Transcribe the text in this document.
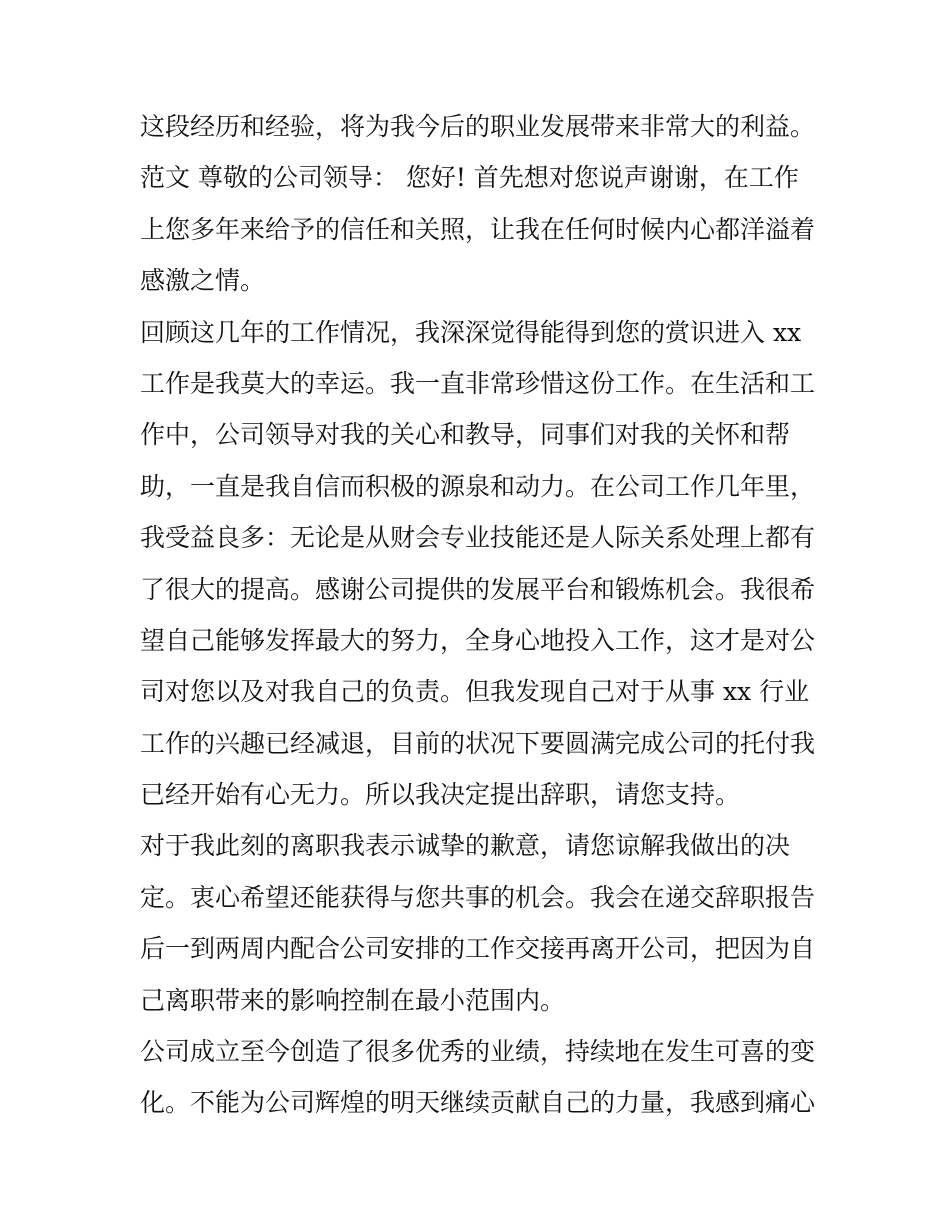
这段经历和经验，将为我今后的职业发展带来非常大的利益。
范文 尊敬的公司领导： 您好! 首先想对您说声谢谢，在工作
上您多年来给予的信任和关照，让我在任何时候内心都洋溢着
感激之情。
回顾这几年的工作情况，我深深觉得能得到您的赏识进入 xx
工作是我莫大的幸运。我一直非常珍惜这份工作。在生活和工
作中，公司领导对我的关心和教导，同事们对我的关怀和帮
助，一直是我自信而积极的源泉和动力。在公司工作几年里，
我受益良多：无论是从财会专业技能还是人际关系处理上都有
了很大的提高。感谢公司提供的发展平台和锻炼机会。我很希
望自己能够发挥最大的努力，全身心地投入工作，这才是对公
司对您以及对我自己的负责。但我发现自己对于从事 xx 行业
工作的兴趣已经减退，目前的状况下要圆满完成公司的托付我
已经开始有心无力。所以我决定提出辞职，请您支持。
对于我此刻的离职我表示诚挚的歉意，请您谅解我做出的决
定。衷心希望还能获得与您共事的机会。我会在递交辞职报告
后一到两周内配合公司安排的工作交接再离开公司，把因为自
己离职带来的影响控制在最小范围内。
公司成立至今创造了很多优秀的业绩，持续地在发生可喜的变
化。不能为公司辉煌的明天继续贡献自己的力量，我感到痛心
